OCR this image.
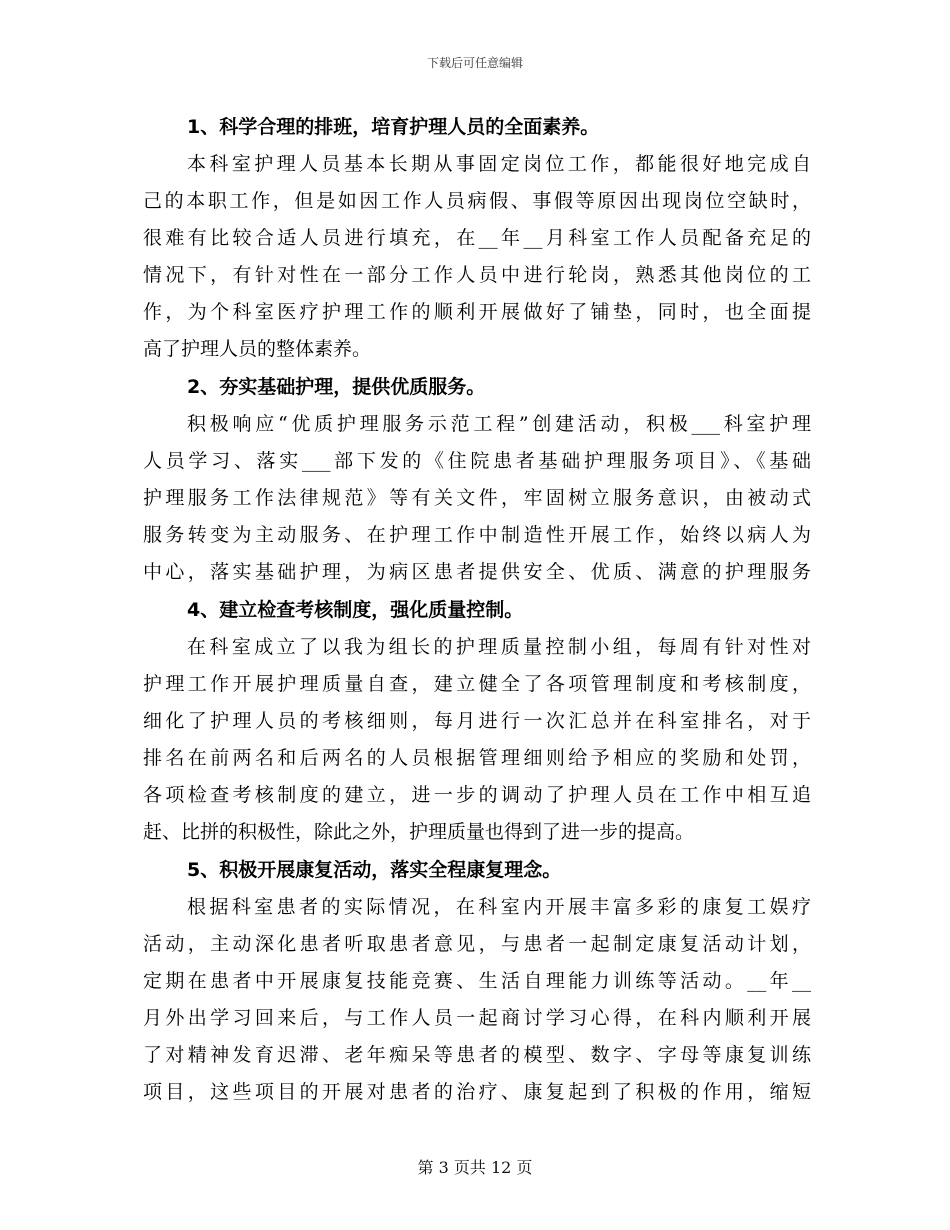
下载后可任意编辑

1、科学合理的排班，培育护理人员的全面素养。

本科室护理人员基本长期从事固定岗位工作，都能很好地完成自

己的本职工作，但是如因工作人员病假、事假等原因出现岗位空缺时，

很难有比较合适人员进行填充，在__年__月科室工作人员配备充足的

情况下，有针对性在一部分工作人员中进行轮岗，熟悉其他岗位的工

作，为个科室医疗护理工作的顺利开展做好了铺垫，同时，也全面提

高了护理人员的整体素养。

2、夯实基础护理，提供优质服务。

积极响应“优质护理服务示范工程”创建活动，积极___科室护理

人员学习、落实___部下发的《住院患者基础护理服务项目》、《基础

护理服务工作法律规范》等有关文件，牢固树立服务意识，由被动式

服务转变为主动服务、在护理工作中制造性开展工作，始终以病人为

中心，落实基础护理，为病区患者提供安全、优质、满意的护理服务

4、建立检查考核制度，强化质量控制。

在科室成立了以我为组长的护理质量控制小组，每周有针对性对

护理工作开展护理质量自查，建立健全了各项管理制度和考核制度，

细化了护理人员的考核细则，每月进行一次汇总并在科室排名，对于

排名在前两名和后两名的人员根据管理细则给予相应的奖励和处罚，

各项检查考核制度的建立，进一步的调动了护理人员在工作中相互追

赶、比拼的积极性，除此之外，护理质量也得到了进一步的提高。

5、积极开展康复活动，落实全程康复理念。

根据科室患者的实际情况，在科室内开展丰富多彩的康复工娱疗

活动，主动深化患者听取患者意见，与患者一起制定康复活动计划，

定期在患者中开展康复技能竞赛、生活自理能力训练等活动。__年__

月外出学习回来后，与工作人员一起商讨学习心得，在科内顺利开展

了对精神发育迟滞、老年痴呆等患者的模型、数字、字母等康复训练

项目，这些项目的开展对患者的治疗、康复起到了积极的作用，缩短

第 3 页共 12 页
